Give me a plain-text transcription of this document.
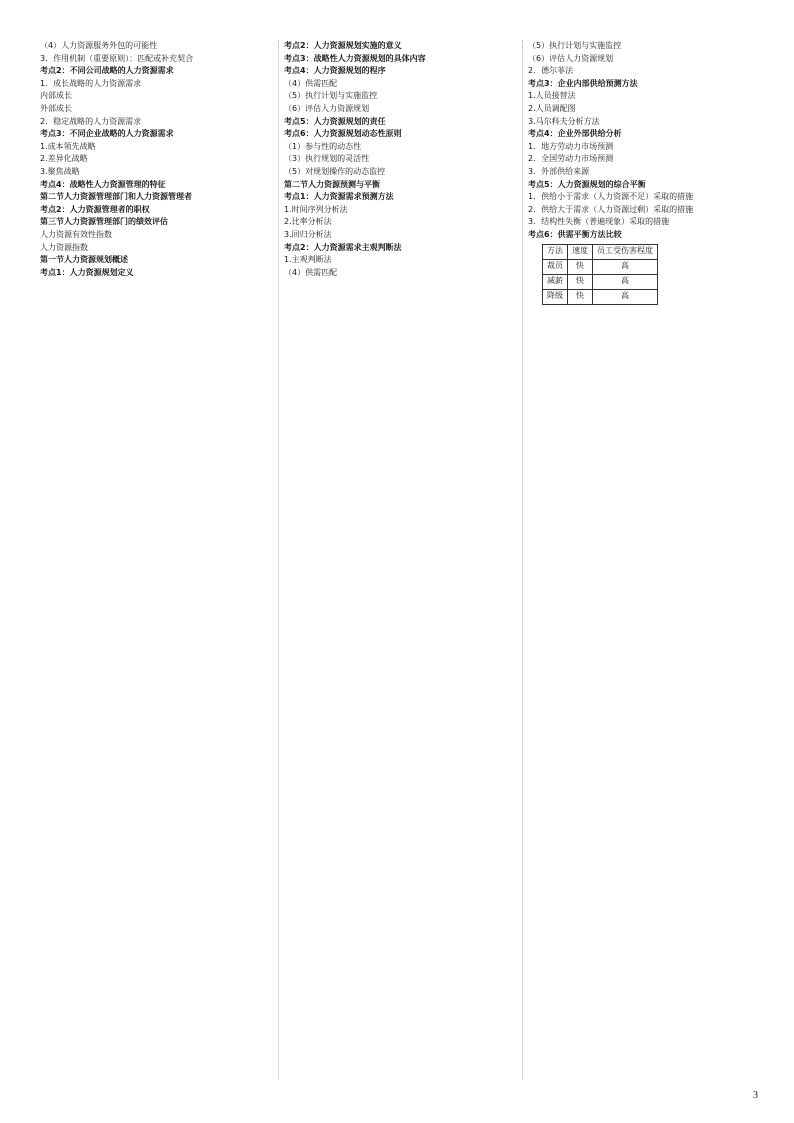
（4）人力资源服务外包的可能性
3．作用机制（重要原则）：匹配或补充契合
考点2：不同公司战略的人力资源需求
1．成长战略的人力资源需求
内部成长
外部成长
2．稳定战略的人力资源需求
考点3：不同企业战略的人力资源需求
1.成本领先战略
2.差异化战略
3.聚焦战略
考点4：战略性人力资源管理的特征
第二节人力资源管理部门和人力资源管理者
考点2：人力资源管理者的职权
第三节人力资源管理部门的绩效评估
人力资源有效性指数
人力资源指数
第一节人力资源规划概述
考点1：人力资源规划定义
考点2：人力资源规划实施的意义
考点3：战略性人力资源规划的具体内容
考点4：人力资源规划的程序
（4）供需匹配
（5）执行计划与实施监控
（6）评估人力资源规划
考点5：人力资源规划的责任
考点6：人力资源规划动态性原则
（1）参与性的动态性
（3）执行规划的灵活性
（5）对规划操作的动态监控
第二节人力资源预测与平衡
考点1：人力资源需求预测方法
1.时间序列分析法
2.比率分析法
3.回归分析法
考点2：人力资源需求主观判断法
1.主观判断法
（4）供需匹配
（5）执行计划与实施监控
（6）评估人力资源规划
2．德尔菲法
考点3：企业内部供给预测方法
1.人员接替法
2.人员调配图
3.马尔科夫分析方法
考点4：企业外部供给分析
1．地方劳动力市场预测
2．全国劳动力市场预测
3．外部供给来源
考点5：人力资源规划的综合平衡
1．供给小于需求（人力资源不足）采取的措施
2．供给大于需求（人力资源过剩）采取的措施
3．结构性失衡（普遍现象）采取的措施
考点6：供需平衡方法比较
方法	速度	员工受伤害程度
裁员	快	高
减薪	快	高
降级	快	高
3
